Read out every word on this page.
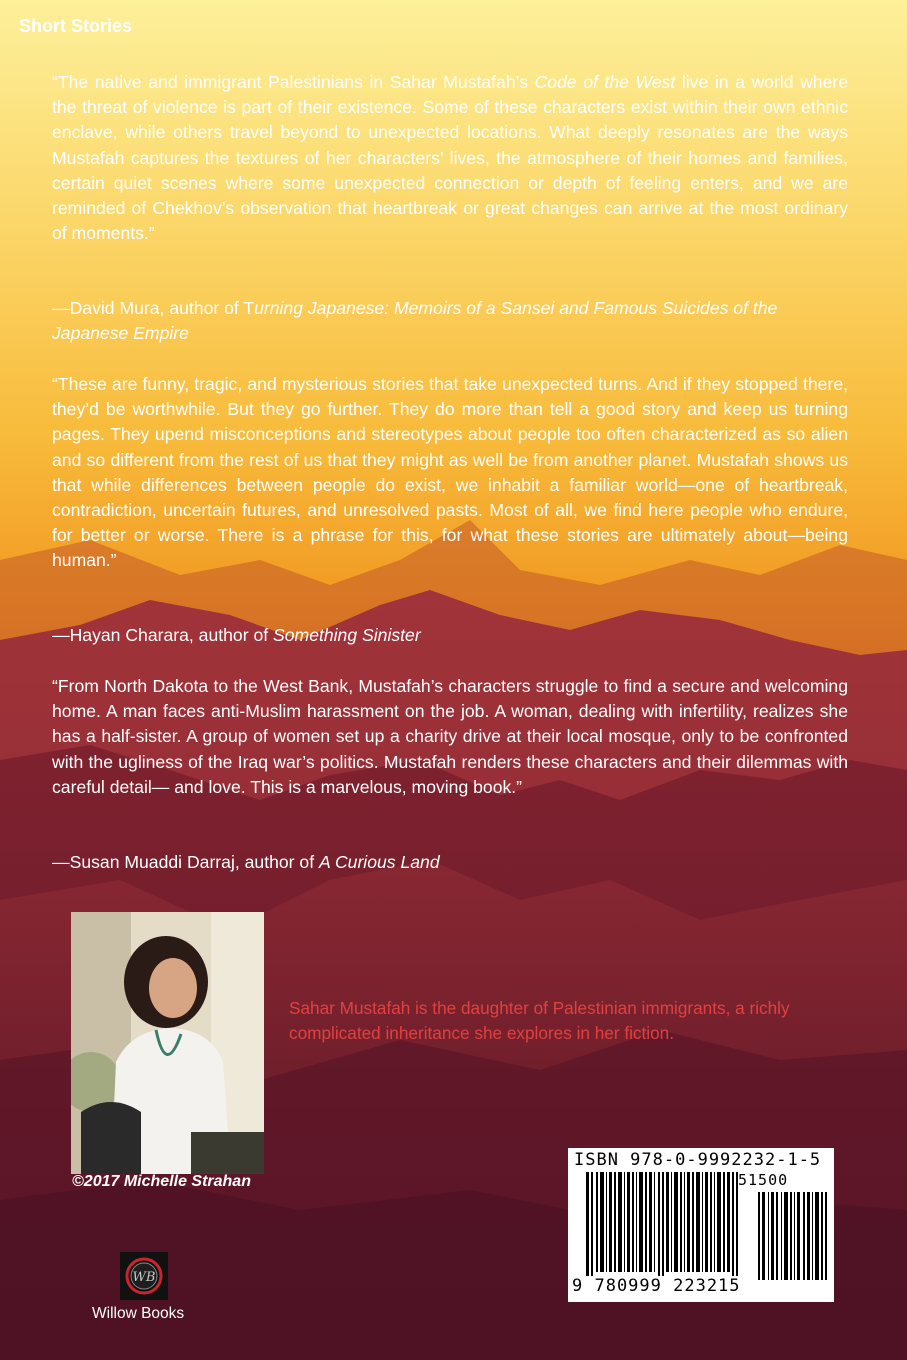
Short Stories

“The native and immigrant Palestinians in Sahar Mustafah’s Code of the West live in a world where the threat of violence is part of their existence. Some of these characters exist within their own ethnic enclave, while others travel beyond to unexpected locations. What deeply resonates are the ways Mustafah captures the textures of her characters’ lives, the atmosphere of their homes and families, certain quiet scenes where some unexpected connection or depth of feeling enters, and we are reminded of Chekhov’s observation that heartbreak or great changes can arrive at the most ordinary of moments.”

—David Mura, author of Turning Japanese: Memoirs of a Sansei and Famous Suicides of the Japanese Empire

“These are funny, tragic, and mysterious stories that take unexpected turns. And if they stopped there, they’d be worthwhile. But they go further. They do more than tell a good story and keep us turning pages. They upend misconceptions and stereotypes about people too often characterized as so alien and so different from the rest of us that they might as well be from another planet. Mustafah shows us that while differences between people do exist, we inhabit a familiar world—one of heartbreak, contradiction, uncertain futures, and unresolved pasts. Most of all, we find here people who endure, for better or worse. There is a phrase for this, for what these stories are ultimately about—being human.”

—Hayan Charara, author of Something Sinister

“From North Dakota to the West Bank, Mustafah’s characters struggle to find a secure and welcoming home. A man faces anti-Muslim harassment on the job. A woman, dealing with infertility, realizes she has a half-sister. A group of women set up a charity drive at their local mosque, only to be confronted with the ugliness of the Iraq war’s politics. Mustafah renders these characters and their dilemmas with careful detail— and love. This is a marvelous, moving book.”

—Susan Muaddi Darraj, author of A Curious Land

©2017 Michelle Strahan
Sahar Mustafah is the daughter of Palestinian immigrants, a richly complicated inheritance she explores in her fiction.
ISBN 978-0-9992232-1-5
51500
9 780999 223215
WB
Willow Books
